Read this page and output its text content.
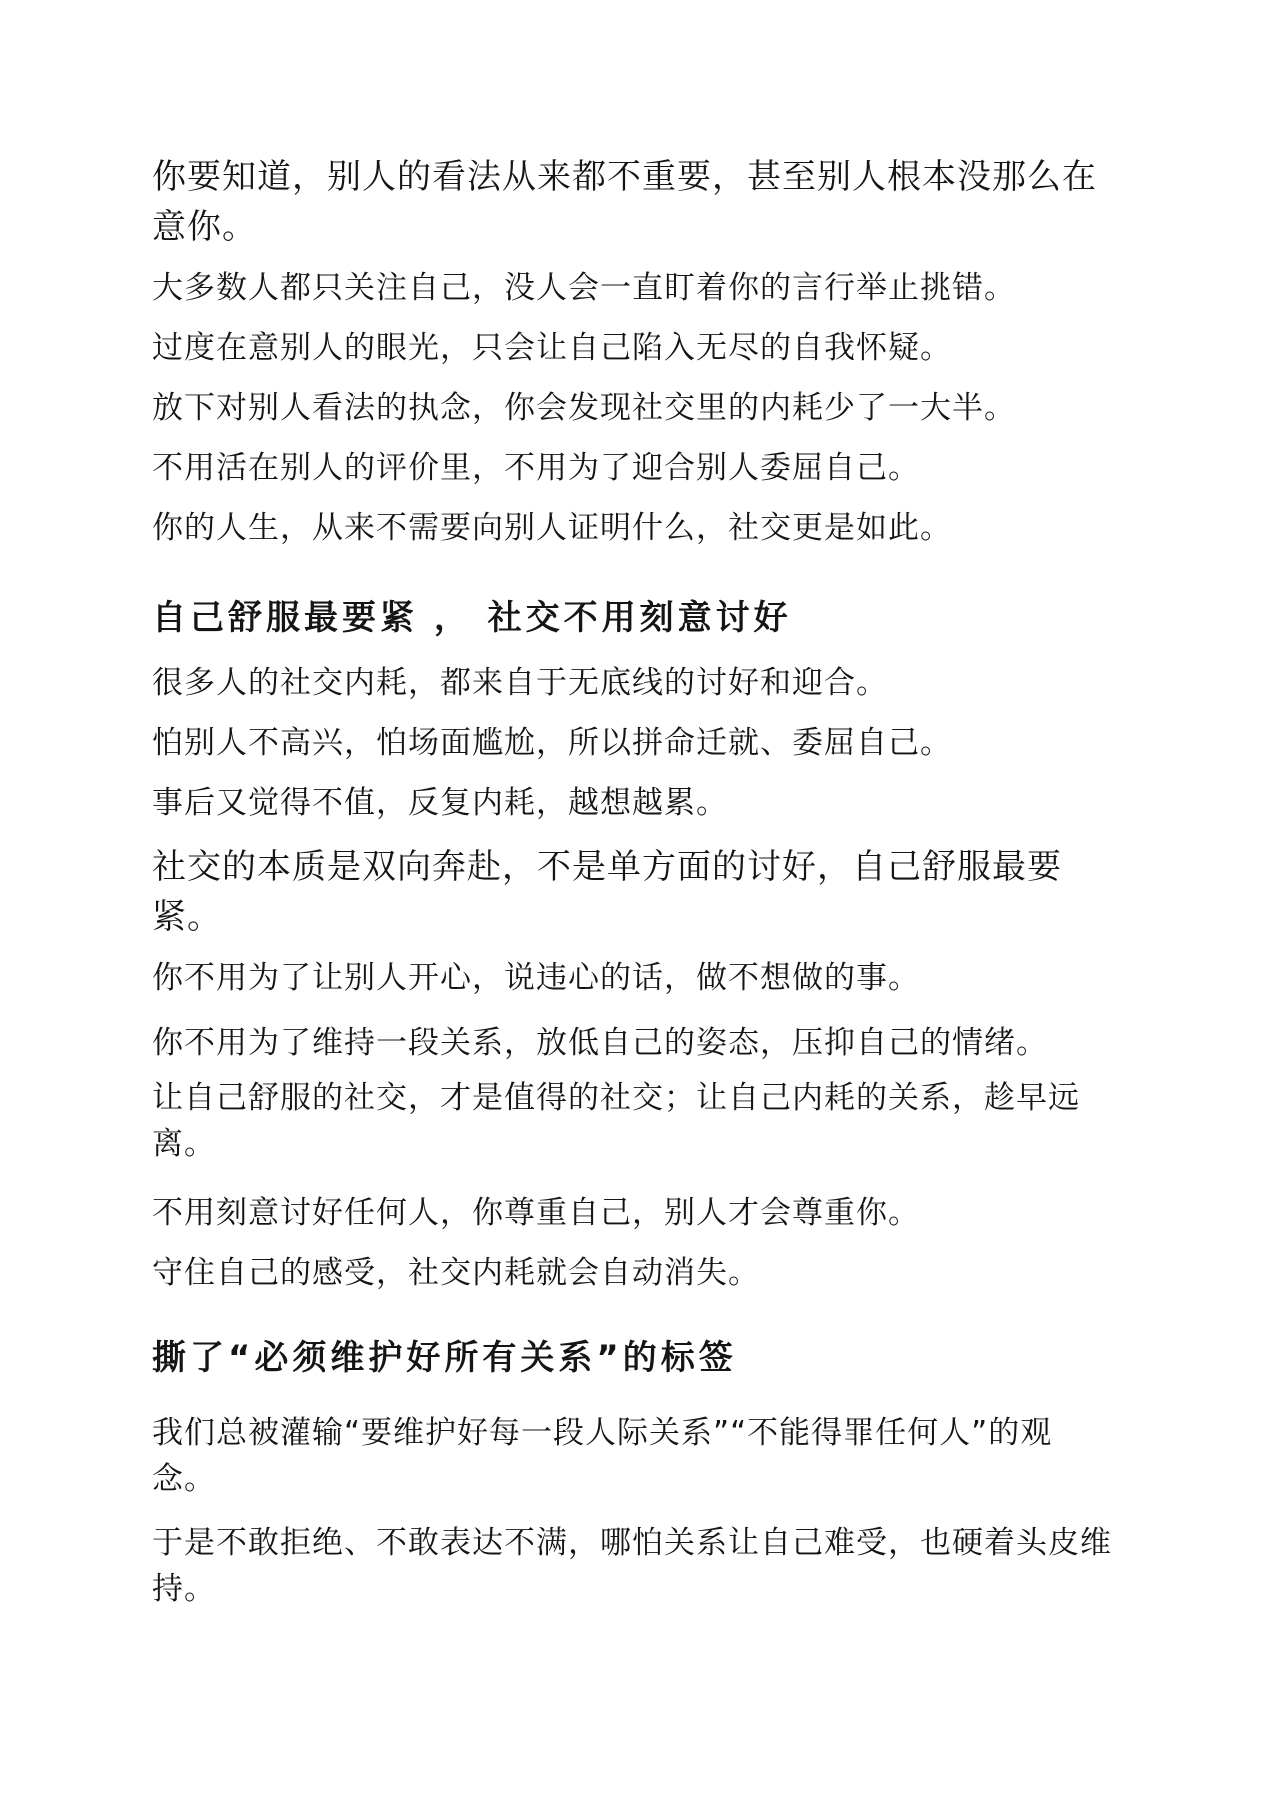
你要知道，别人的看法从来都不重要，甚至别人根本没那么在意你。
大多数人都只关注自己，没人会一直盯着你的言行举止挑错。
过度在意别人的眼光，只会让自己陷入无尽的自我怀疑。
放下对别人看法的执念，你会发现社交里的内耗少了一大半。
不用活在别人的评价里，不用为了迎合别人委屈自己。
你的人生，从来不需要向别人证明什么，社交更是如此。
自己舒服最要紧 ， 社交不用刻意讨好
很多人的社交内耗，都来自于无底线的讨好和迎合。
怕别人不高兴，怕场面尴尬，所以拼命迁就、委屈自己。
事后又觉得不值，反复内耗，越想越累。
社交的本质是双向奔赴，不是单方面的讨好，自己舒服最要紧。
你不用为了让别人开心，说违心的话，做不想做的事。
你不用为了维持一段关系，放低自己的姿态，压抑自己的情绪。
让自己舒服的社交，才是值得的社交；让自己内耗的关系，趁早远离。
不用刻意讨好任何人，你尊重自己，别人才会尊重你。
守住自己的感受，社交内耗就会自动消失。
撕了“必须维护好所有关系”的标签
我们总被灌输“要维护好每一段人际关系”“不能得罪任何人”的观念。
于是不敢拒绝、不敢表达不满，哪怕关系让自己难受，也硬着头皮维持。
